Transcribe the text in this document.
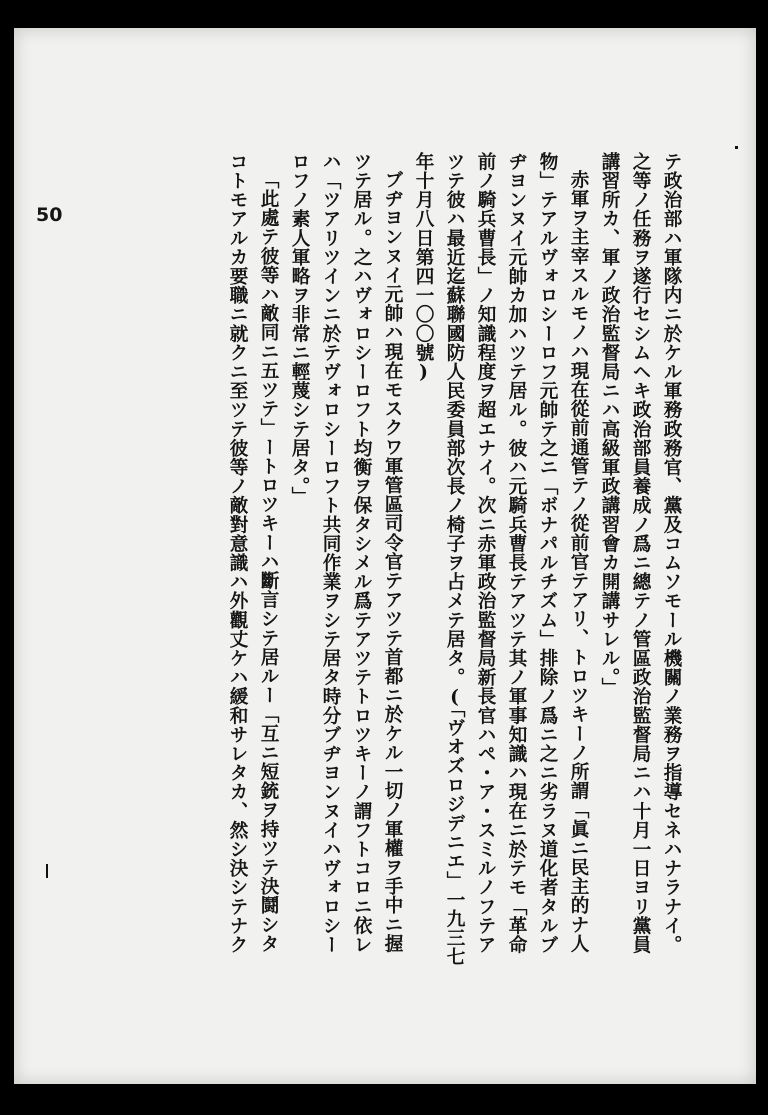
50	テ政治部ハ軍隊内ニ於ケル軍務政務官、黨及コムソモール機關ノ業務ヲ指導セネハナラナイ。
之等ノ任務ヲ遂行セシムヘキ政治部員養成ノ爲ニ總テノ管區政治監督局ニハ十月一日ヨリ黨員
講習所カ、軍ノ政治監督局ニハ高級軍政講習會カ開講サレル。」
赤軍ヲ主宰スルモノハ現在從前通管テノ從前官テアリ、トロツキーノ所謂「眞ニ民主的ナ人
物」テアルヴォロシーロフ元帥テ之ニ「ボナパルチズム」排除ノ爲ニ之ニ劣ラヌ道化者タルブ
ヂヨンヌイ元帥カ加ハツテ居ル。彼ハ元騎兵曹長テアツテ其ノ軍事知識ハ現在ニ於テモ「革命
前ノ騎兵曹長」ノ知識程度ヲ超エナイ。次ニ赤軍政治監督局新長官ハペ・ア・スミルノフテア
ツテ彼ハ最近迄蘇聯國防人民委員部次長ノ椅子ヲ占メテ居タ。(「ヴオズロジデニエ」一九三七
年十月八日第四一〇〇號)
ブヂヨンヌイ元帥ハ現在モスクワ軍管區司令官テアツテ首都ニ於ケル一切ノ軍權ヲ手中ニ握
ツテ居ル。之ハヴォロシーロフト均衡ヲ保タシメル爲テアツテトロツキーノ謂フトコロニ依レ
ハ「ツアリツインニ於テヴォロシーロフト共同作業ヲシテ居タ時分ブヂヨンヌイハヴォロシー
ロフノ素人軍略ヲ非常ニ輕蔑シテ居タ。」
「此處テ彼等ハ敵同ニ五ツテ」ートロツキーハ斷言シテ居ルー「互ニ短銃ヲ持ツテ決鬪シタ
コトモアルカ要職ニ就クニ至ツテ彼等ノ敵對意識ハ外觀丈ケハ緩和サレタカ、然シ決シテナク
